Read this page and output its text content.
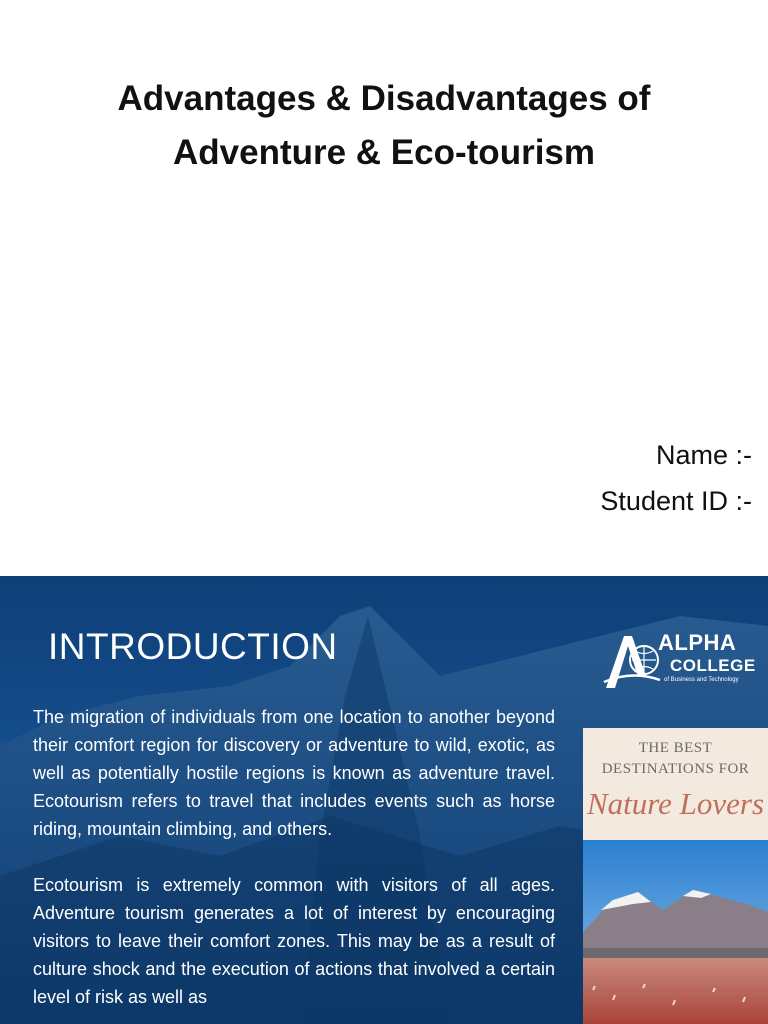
Advantages & Disadvantages of
Adventure & Eco-tourism
Name :-
Student ID :-
INTRODUCTION	ALPHA
COLLEGE
of Business and Technology

The migration of individuals from one location to another beyond their comfort region for discovery or adventure to wild, exotic, as well as potentially hostile regions is known as adventure travel. Ecotourism refers to travel that includes events such as horse riding, mountain climbing, and others.

Ecotourism is extremely common with visitors of all ages. Adventure tourism generates a lot of interest by encouraging visitors to leave their comfort zones. This may be as a result of culture shock and the execution of actions that involved a certain level of risk as well as

THE BEST
DESTINATIONS FOR
Nature Lovers
